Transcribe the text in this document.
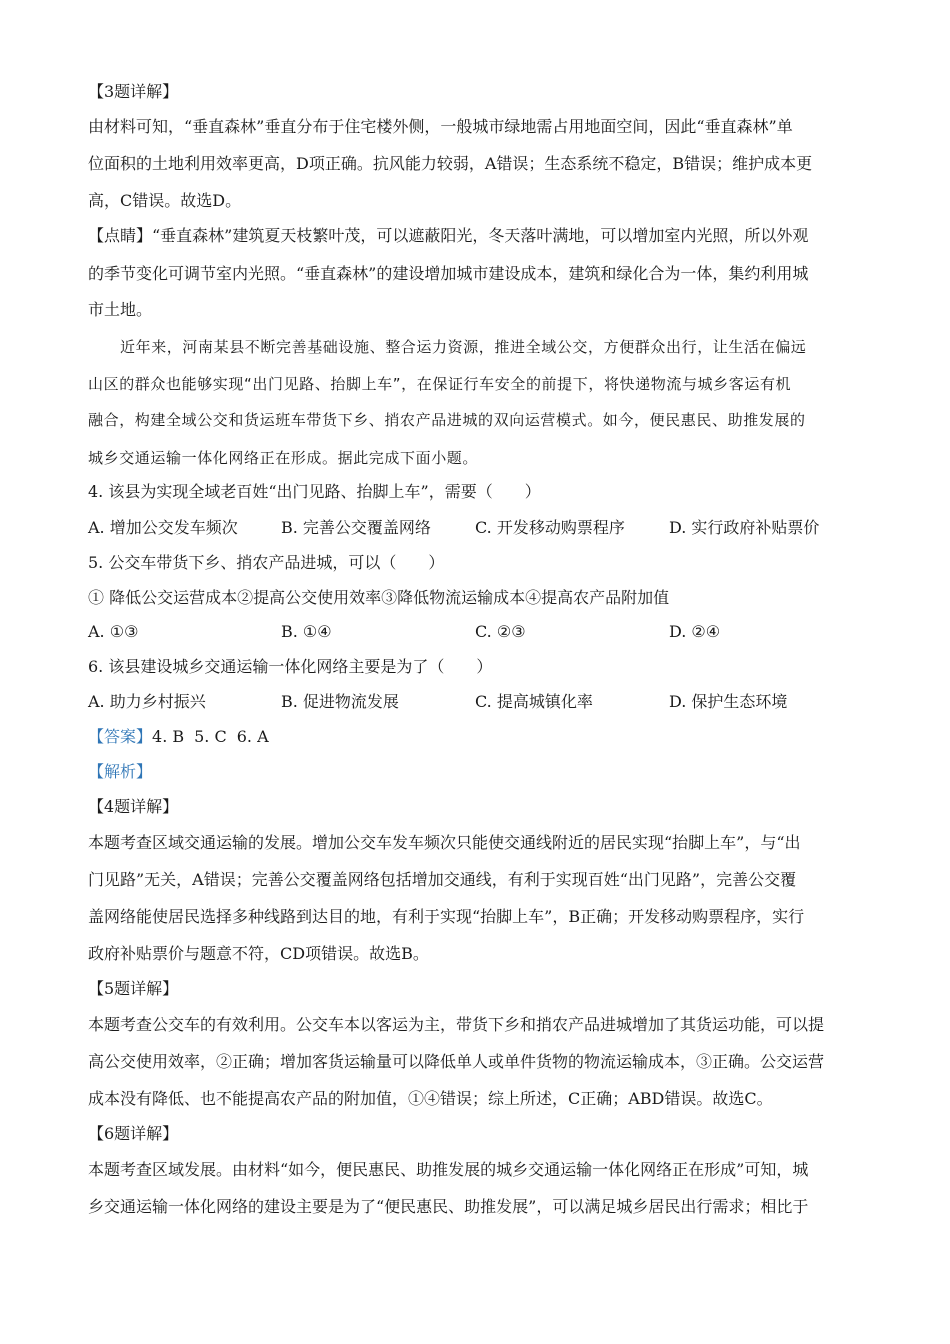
【3题详解】
由材料可知，“垂直森林”垂直分布于住宅楼外侧，一般城市绿地需占用地面空间，因此“垂直森林”单
位面积的土地利用效率更高，D项正确。抗风能力较弱，A错误；生态系统不稳定，B错误；维护成本更
高，C错误。故选D。
【点睛】“垂直森林”建筑夏天枝繁叶茂，可以遮蔽阳光，冬天落叶满地，可以增加室内光照，所以外观
的季节变化可调节室内光照。“垂直森林”的建设增加城市建设成本，建筑和绿化合为一体，集约利用城
市土地。
近年来，河南某县不断完善基础设施、整合运力资源，推进全域公交，方便群众出行，让生活在偏远
山区的群众也能够实现“出门见路、抬脚上车”，在保证行车安全的前提下，将快递物流与城乡客运有机
融合，构建全域公交和货运班车带货下乡、捎农产品进城的双向运营模式。如今，便民惠民、助推发展的
城乡交通运输一体化网络正在形成。据此完成下面小题。
4. 该县为实现全域老百姓“出门见路、抬脚上车”，需要（　　）
A. 增加公交发车频次	B. 完善公交覆盖网络	C. 开发移动购票程序	D. 实行政府补贴票价
5. 公交车带货下乡、捎农产品进城，可以（　　）
① 降低公交运营成本②提高公交使用效率③降低物流运输成本④提高农产品附加值
A. ①③	B. ①④	C. ②③	D. ②④
6. 该县建设城乡交通运输一体化网络主要是为了（　　）
A. 助力乡村振兴	B. 促进物流发展	C. 提高城镇化率	D. 保护生态环境
【答案】4. B 5. C 6. A
【解析】
【4题详解】
本题考查区域交通运输的发展。增加公交车发车频次只能使交通线附近的居民实现“抬脚上车”，与“出
门见路”无关，A错误；完善公交覆盖网络包括增加交通线，有利于实现百姓“出门见路”，完善公交覆
盖网络能使居民选择多种线路到达目的地，有利于实现“抬脚上车”，B正确；开发移动购票程序，实行
政府补贴票价与题意不符，CD项错误。故选B。
【5题详解】
本题考查公交车的有效利用。公交车本以客运为主，带货下乡和捎农产品进城增加了其货运功能，可以提
高公交使用效率，②正确；增加客货运输量可以降低单人或单件货物的物流运输成本，③正确。公交运营
成本没有降低、也不能提高农产品的附加值，①④错误；综上所述，C正确；ABD错误。故选C。
【6题详解】
本题考查区域发展。由材料“如今，便民惠民、助推发展的城乡交通运输一体化网络正在形成”可知，城
乡交通运输一体化网络的建设主要是为了“便民惠民、助推发展”，可以满足城乡居民出行需求；相比于
